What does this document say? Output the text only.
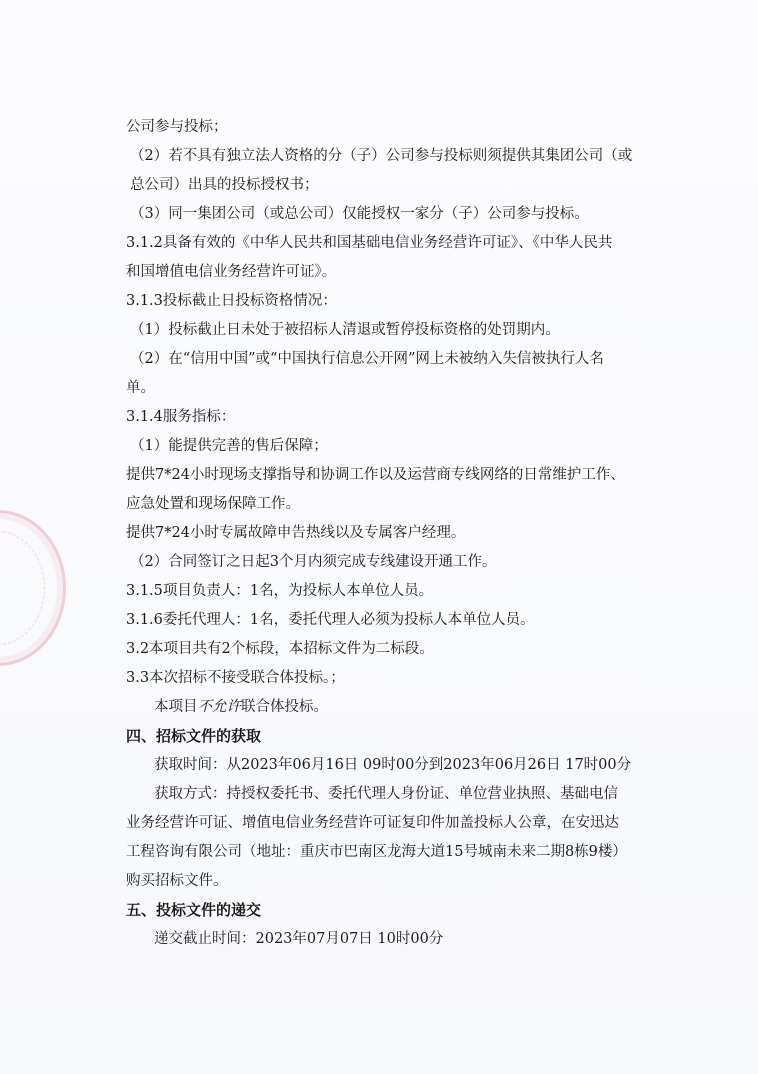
公司参与投标；
（2）若不具有独立法人资格的分（子）公司参与投标则须提供其集团公司（或
总公司）出具的投标授权书；
（3）同一集团公司（或总公司）仅能授权一家分（子）公司参与投标。
3.1.2具备有效的《中华人民共和国基础电信业务经营许可证》、《中华人民共
和国增值电信业务经营许可证》。
3.1.3投标截止日投标资格情况：
（1）投标截止日未处于被招标人清退或暂停投标资格的处罚期内。
（2）在“信用中国”或“中国执行信息公开网”网上未被纳入失信被执行人名
单。
3.1.4服务指标：
（1）能提供完善的售后保障；
提供7*24小时现场支撑指导和协调工作以及运营商专线网络的日常维护工作、
应急处置和现场保障工作。
提供7*24小时专属故障申告热线以及专属客户经理。
（2）合同签订之日起3个月内须完成专线建设开通工作。
3.1.5项目负责人：1名，为投标人本单位人员。
3.1.6委托代理人：1名，委托代理人必须为投标人本单位人员。
3.2本项目共有2个标段，本招标文件为二标段。
3.3本次招标不接受联合体投标。；
本项目不允许联合体投标。
四、招标文件的获取
获取时间：从2023年06月16日 09时00分到2023年06月26日 17时00分
获取方式：持授权委托书、委托代理人身份证、单位营业执照、基础电信
业务经营许可证、增值电信业务经营许可证复印件加盖投标人公章，在安迅达
工程咨询有限公司（地址：重庆市巴南区龙海大道15号城南未来二期8栋9楼）
购买招标文件。
五、投标文件的递交
递交截止时间：2023年07月07日 10时00分
